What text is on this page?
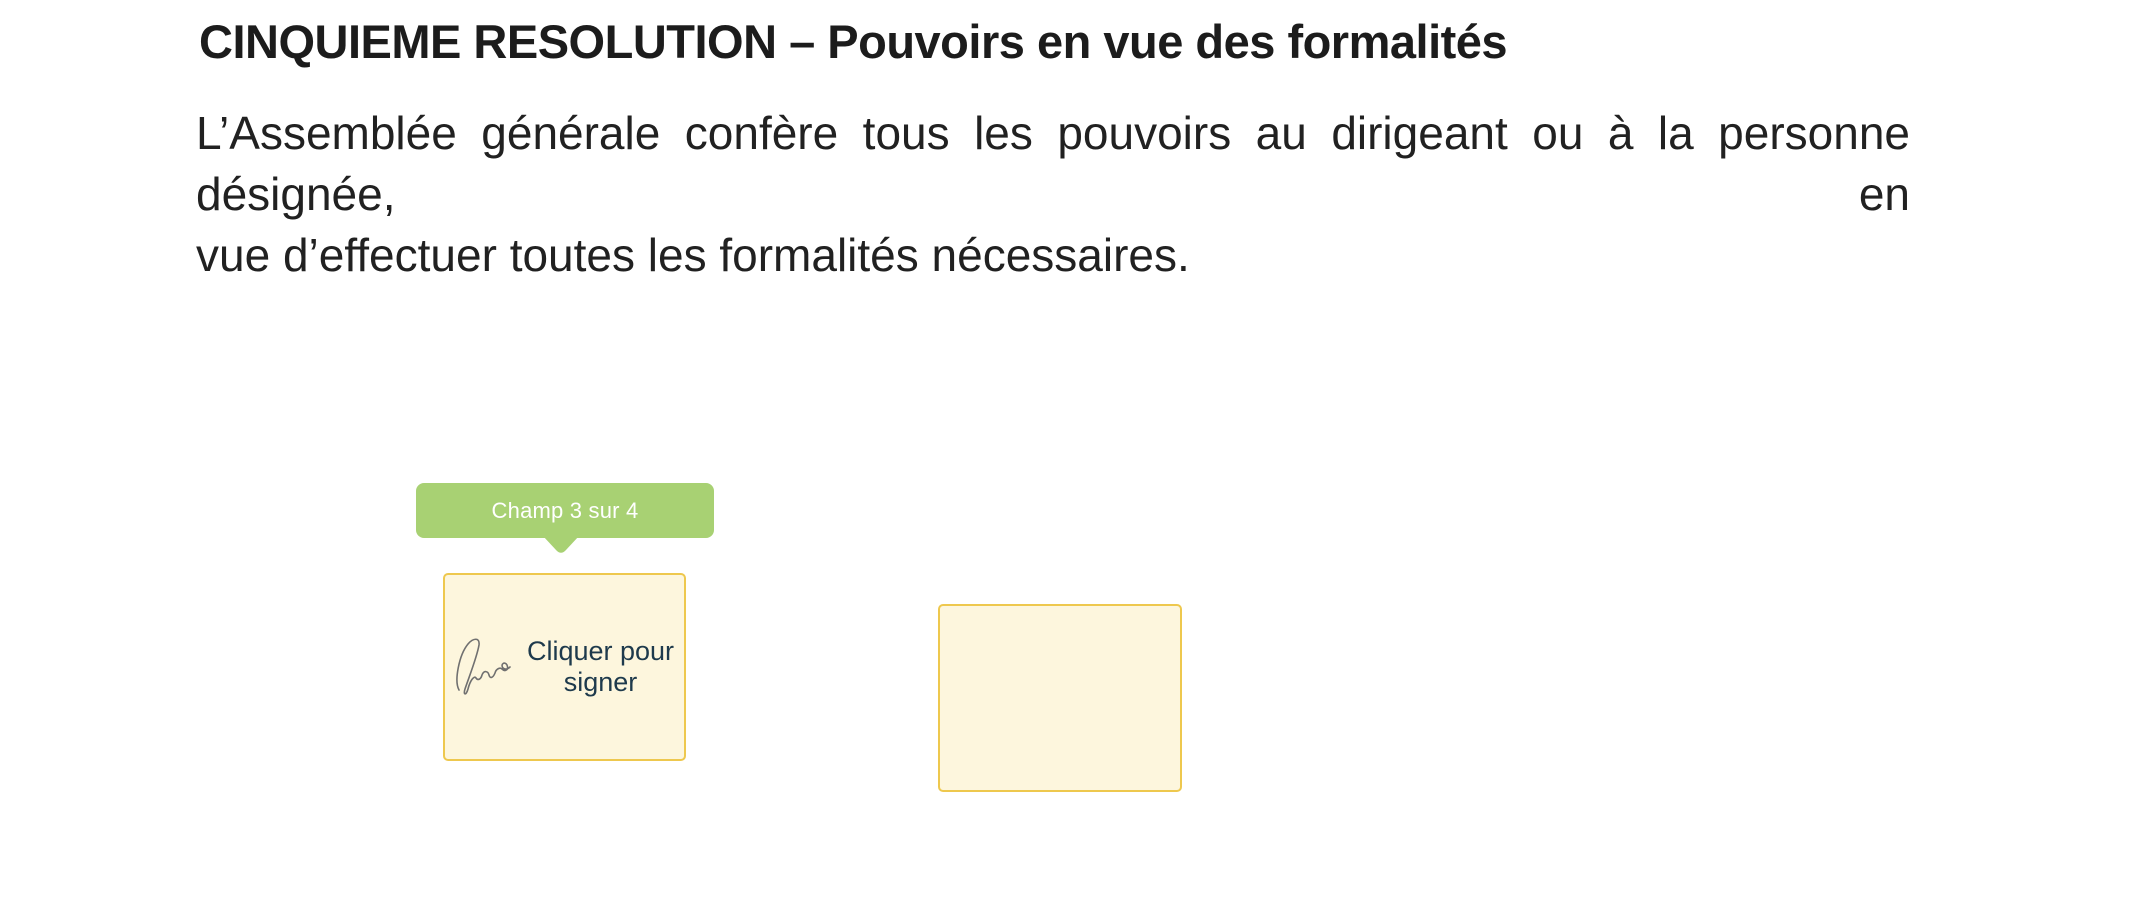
CINQUIEME RESOLUTION – Pouvoirs en vue des formalités
L’Assemblée générale confère tous les pouvoirs au dirigeant ou à la personne désignée, en
vue d’effectuer toutes les formalités nécessaires.
Champ 3 sur 4
Cliquer pour signer
